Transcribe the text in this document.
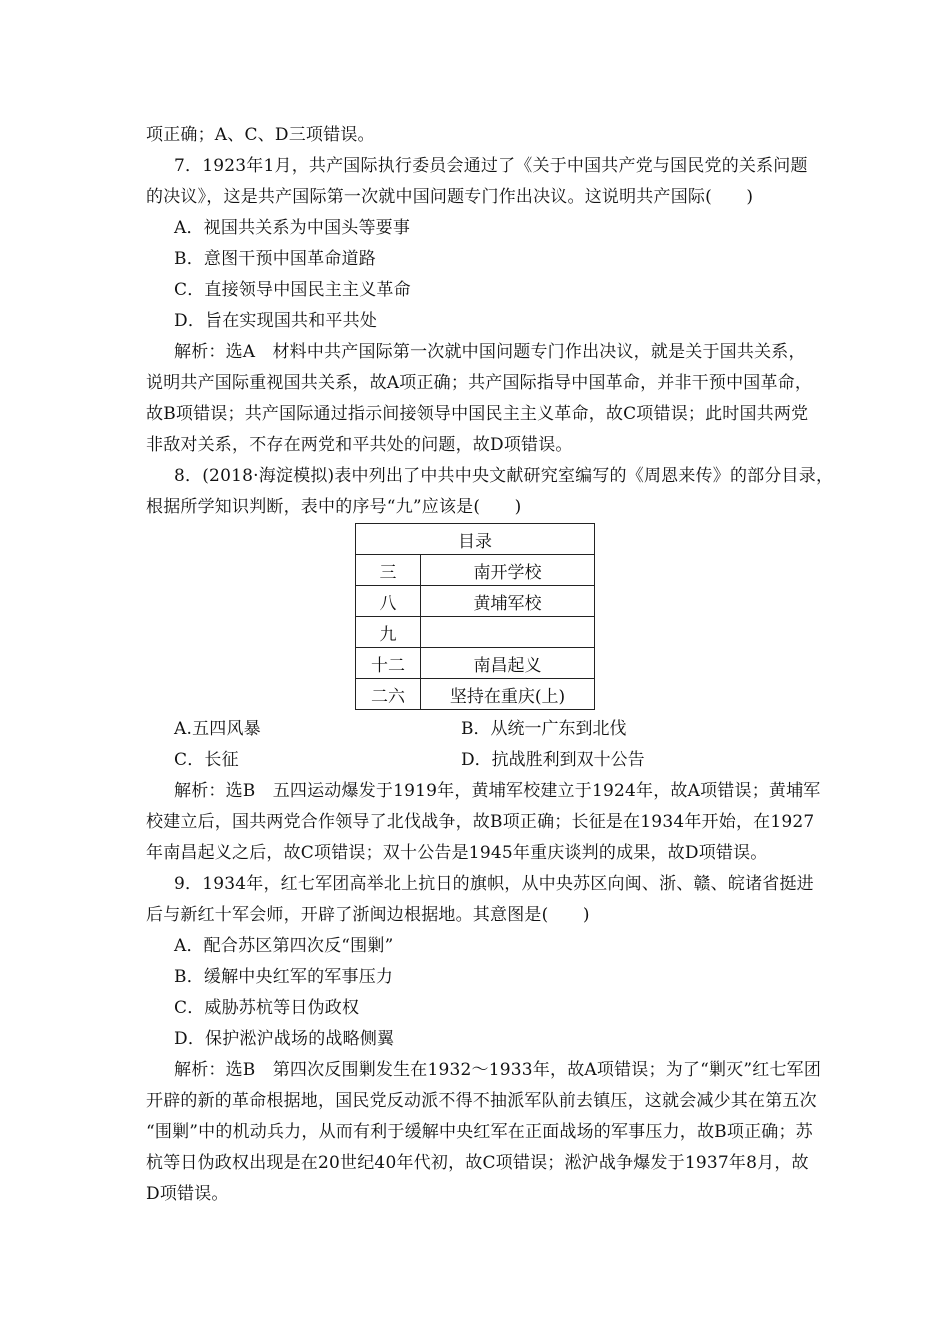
项正确；A、C、D三项错误。
7．1923年1月，共产国际执行委员会通过了《关于中国共产党与国民党的关系问题
的决议》，这是共产国际第一次就中国问题专门作出决议。这说明共产国际(　　)
A．视国共关系为中国头等要事
B．意图干预中国革命道路
C．直接领导中国民主主义革命
D．旨在实现国共和平共处
解析：选A　材料中共产国际第一次就中国问题专门作出决议，就是关于国共关系，
说明共产国际重视国共关系，故A项正确；共产国际指导中国革命，并非干预中国革命，
故B项错误；共产国际通过指示间接领导中国民主主义革命，故C项错误；此时国共两党
非敌对关系，不存在两党和平共处的问题，故D项错误。
8．(2018·海淀模拟)表中列出了中共中央文献研究室编写的《周恩来传》的部分目录，
根据所学知识判断，表中的序号“九”应该是(　　)
目录	
三	南开学校
八	黄埔军校
九	
十二	南昌起义
二六	坚持在重庆(上)
A.五四风暴	B．从统一广东到北伐
C．长征	D．抗战胜利到双十公告
解析：选B　五四运动爆发于1919年，黄埔军校建立于1924年，故A项错误；黄埔军
校建立后，国共两党合作领导了北伐战争，故B项正确；长征是在1934年开始，在1927
年南昌起义之后，故C项错误；双十公告是1945年重庆谈判的成果，故D项错误。
9．1934年，红七军团高举北上抗日的旗帜，从中央苏区向闽、浙、赣、皖诸省挺进
后与新红十军会师，开辟了浙闽边根据地。其意图是(　　)
A．配合苏区第四次反“围剿”
B．缓解中央红军的军事压力
C．威胁苏杭等日伪政权
D．保护淞沪战场的战略侧翼
解析：选B　第四次反围剿发生在1932～1933年，故A项错误；为了“剿灭”红七军团
开辟的新的革命根据地，国民党反动派不得不抽派军队前去镇压，这就会减少其在第五次
“围剿”中的机动兵力，从而有利于缓解中央红军在正面战场的军事压力，故B项正确；苏
杭等日伪政权出现是在20世纪40年代初，故C项错误；淞沪战争爆发于1937年8月，故
D项错误。
